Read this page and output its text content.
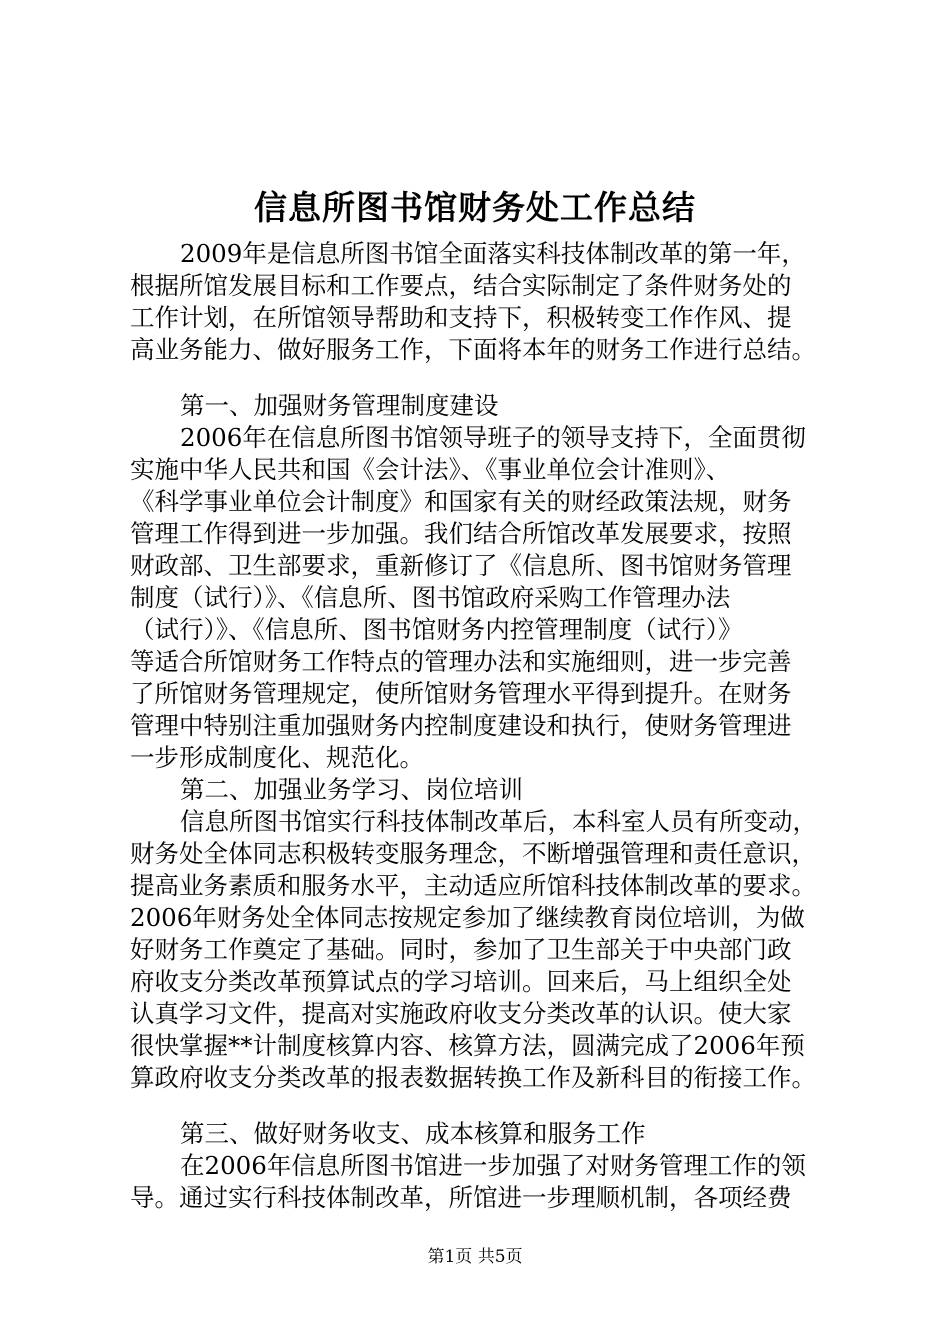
信息所图书馆财务处工作总结
2009年是信息所图书馆全面落实科技体制改革的第一年，
根据所馆发展目标和工作要点，结合实际制定了条件财务处的
工作计划，在所馆领导帮助和支持下，积极转变工作作风、提
高业务能力、做好服务工作，下面将本年的财务工作进行总结。
第一、加强财务管理制度建设
2006年在信息所图书馆领导班子的领导支持下，全面贯彻
实施中华人民共和国《会计法》、《事业单位会计准则》、
《科学事业单位会计制度》和国家有关的财经政策法规，财务
管理工作得到进一步加强。我们结合所馆改革发展要求，按照
财政部、卫生部要求，重新修订了《信息所、图书馆财务管理
制度（试行）》、《信息所、图书馆政府采购工作管理办法
（试行）》、《信息所、图书馆财务内控管理制度（试行）》
等适合所馆财务工作特点的管理办法和实施细则，进一步完善
了所馆财务管理规定，使所馆财务管理水平得到提升。在财务
管理中特别注重加强财务内控制度建设和执行，使财务管理进
一步形成制度化、规范化。
第二、加强业务学习、岗位培训
信息所图书馆实行科技体制改革后，本科室人员有所变动，
财务处全体同志积极转变服务理念，不断增强管理和责任意识，
提高业务素质和服务水平，主动适应所馆科技体制改革的要求。
2006年财务处全体同志按规定参加了继续教育岗位培训，为做
好财务工作奠定了基础。同时，参加了卫生部关于中央部门政
府收支分类改革预算试点的学习培训。回来后，马上组织全处
认真学习文件，提高对实施政府收支分类改革的认识。使大家
很快掌握**计制度核算内容、核算方法，圆满完成了2006年预
算政府收支分类改革的报表数据转换工作及新科目的衔接工作。
第三、做好财务收支、成本核算和服务工作
在2006年信息所图书馆进一步加强了对财务管理工作的领
导。通过实行科技体制改革，所馆进一步理顺机制，各项经费
第1页 共5页
